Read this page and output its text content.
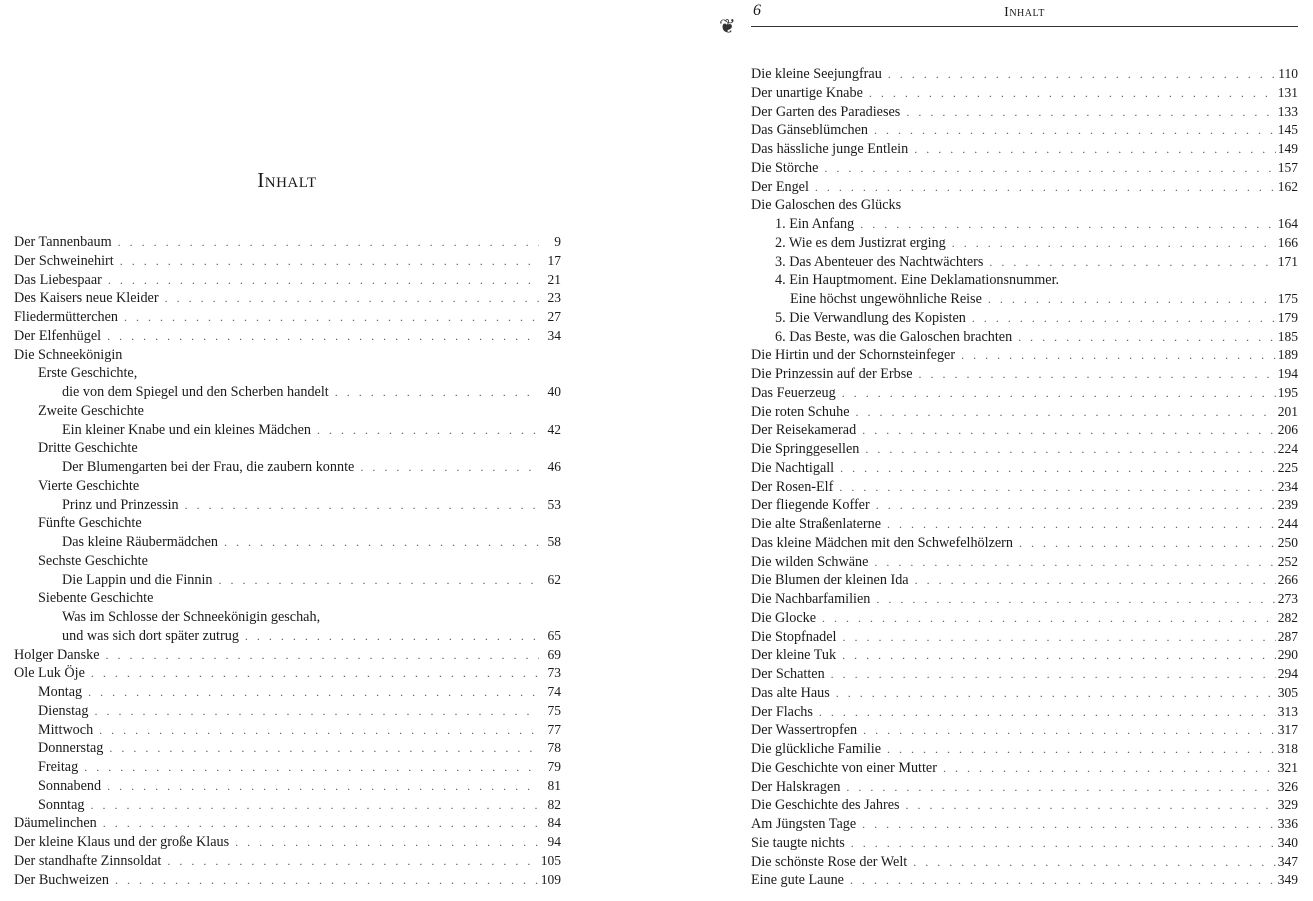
Inhalt
Der Tannenbaum . . .	9
Der Schweinehirt . . .	17
Das Liebespaar . . .	21
Des Kaisers neue Kleider . . .	23
Fliedermütterchen . . .	27
Der Elfenhügel . . .	34
Die Schneekönigin
Erste Geschichte,
die von dem Spiegel und den Scherben handelt . . .	40
Zweite Geschichte
Ein kleiner Knabe und ein kleines Mädchen . . .	42
Dritte Geschichte
Der Blumengarten bei der Frau, die zaubern konnte . . .	46
Vierte Geschichte
Prinz und Prinzessin . . .	53
Fünfte Geschichte
Das kleine Räubermädchen . . .	58
Sechste Geschichte
Die Lappin und die Finnin . . .	62
Siebente Geschichte
Was im Schlosse der Schneekönigin geschah,
und was sich dort später zutrug . . .	65
Holger Danske . . .	69
Ole Luk Öje . . .	73
Montag . . .	74
Dienstag . . .	75
Mittwoch . . .	77
Donnerstag . . .	78
Freitag . . .	79
Sonnabend . . .	81
Sonntag . . .	82
Däumelinchen . . .	84
Der kleine Klaus und der große Klaus . . .	94
Der standhafte Zinnsoldat . . .	105
Der Buchweizen . . .	109
❦
6	Inhalt
Die kleine Seejungfrau . . .	110
Der unartige Knabe . . .	131
Der Garten des Paradieses . . .	133
Das Gänseblümchen . . .	145
Das hässliche junge Entlein . . .	149
Die Störche . . .	157
Der Engel . . .	162
Die Galoschen des Glücks
1. Ein Anfang . . .	164
2. Wie es dem Justizrat erging . . .	166
3. Das Abenteuer des Nachtwächters . . .	171
4. Ein Hauptmoment. Eine Deklamationsnummer.
Eine höchst ungewöhnliche Reise . . .	175
5. Die Verwandlung des Kopisten . . .	179
6. Das Beste, was die Galoschen brachten . . .	185
Die Hirtin und der Schornsteinfeger . . .	189
Die Prinzessin auf der Erbse . . .	194
Das Feuerzeug . . .	195
Die roten Schuhe . . .	201
Der Reisekamerad . . .	206
Die Springgesellen . . .	224
Die Nachtigall . . .	225
Der Rosen-Elf . . .	234
Der fliegende Koffer . . .	239
Die alte Straßenlaterne . . .	244
Das kleine Mädchen mit den Schwefelhölzern . . .	250
Die wilden Schwäne . . .	252
Die Blumen der kleinen Ida . . .	266
Die Nachbarfamilien . . .	273
Die Glocke . . .	282
Die Stopfnadel . . .	287
Der kleine Tuk . . .	290
Der Schatten . . .	294
Das alte Haus . . .	305
Der Flachs . . .	313
Der Wassertropfen . . .	317
Die glückliche Familie . . .	318
Die Geschichte von einer Mutter . . .	321
Der Halskragen . . .	326
Die Geschichte des Jahres . . .	329
Am Jüngsten Tage . . .	336
Sie taugte nichts . . .	340
Die schönste Rose der Welt . . .	347
Eine gute Laune . . .	349
